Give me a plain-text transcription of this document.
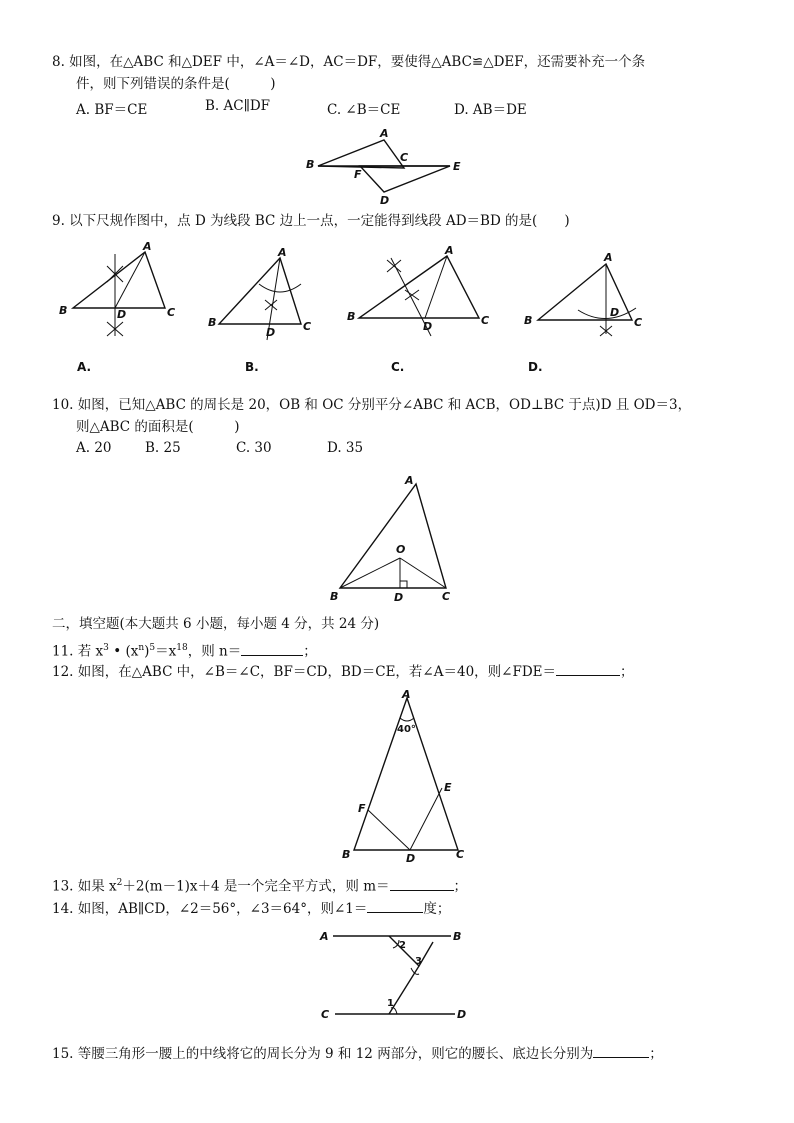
8. 如图，在△ABC 和△DEF 中，∠A＝∠D，AC＝DF，要使得△ABC≌△DEF，还需要补充一个条
件，则下列错误的条件是(　　　)
A. BF＝CE	B. AC∥DF	C. ∠B＝CE	D. AB＝DE
A
B
C
D
E
F
9. 以下尺规作图中，点 D 为线段 BC 边上一点，一定能得到线段 AD＝BD 的是(　　)
A
B	C
D
A.
A
B	C
D
B.
A
B	C
D
C.
A
B	C
D
D.
10. 如图，已知△ABC 的周长是 20，OB 和 OC 分别平分∠ABC 和 ACB，OD⊥BC 于点)D 且 OD＝3，
则△ABC 的面积是(　　　)
A. 20 B. 25	C. 30	D. 35
A
B	C
D
O
二，填空题(本大题共 6 小题，每小题 4 分，共 24 分)
11. 若 $x^3$ • $(x^n)^5=x^{18}$，则 n＝	；
12. 如图，在△ABC 中，∠B＝∠C，BF＝CD，BD＝CE，若∠A＝40，则∠FDE＝	；
A
40°
B	C
D
E
F
13. 如果 $x^2+2(m-1)x+4$ 是一个完全平方式，则 m＝	；
14. 如图，AB∥CD，∠2＝56°，∠3＝64°，则∠1＝	度；
A	B
C	D
1
2
3
15. 等腰三角形一腰上的中线将它的周长分为 9 和 12 两部分，则它的腰长、底边长分别为	；
